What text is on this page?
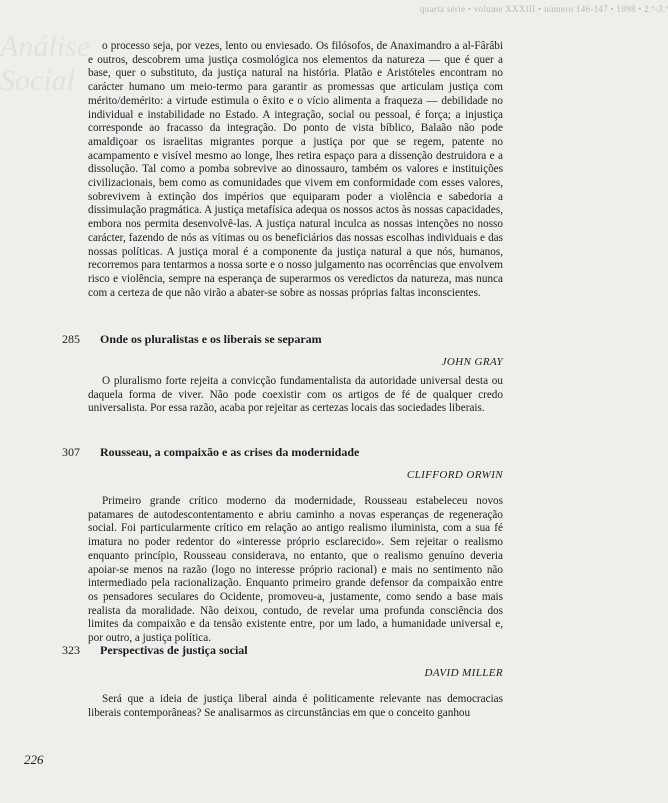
quarta série • volume XXXIII • número 146-147 • 1998 • 2.º-3.º
Análise Social

o processo seja, por vezes, lento ou enviesado. Os filósofos, de Anaximandro a al-Fârâbi e outros, descobrem uma justiça cosmológica nos elementos da natureza — que é quer a base, quer o substituto, da justiça natural na história. Platão e Aristóteles encontram no carácter humano um meio-termo para garantir as promessas que articulam justiça com mérito/demérito: a virtude estimula o êxito e o vício alimenta a fraqueza — debilidade no individual e instabilidade no Estado. A integração, social ou pessoal, é força; a injustiça corresponde ao fracasso da integração. Do ponto de vista bíblico, Balaão não pode amaldiçoar os israelitas migrantes porque a justiça por que se regem, patente no acampamento e visível mesmo ao longe, lhes retira espaço para a dissenção destruidora e a dissolução. Tal como a pomba sobrevive ao dinossauro, também os valores e instituições civilizacionais, bem como as comunidades que vivem em conformidade com esses valores, sobrevivem à extinção dos impérios que equiparam poder a violência e sabedoria a dissimulação pragmática. A justiça metafísica adequa os nossos actos às nossas capacidades, embora nos permita desenvolvê-las. A justiça natural inculca as nossas intenções no nosso carácter, fazendo de nós as vítimas ou os beneficiários das nossas escolhas individuais e das nossas políticas. A justiça moral é a componente da justiça natural a que nós, humanos, recorremos para tentarmos a nossa sorte e o nosso julgamento nas ocorrências que envolvem risco e violência, sempre na esperança de superarmos os veredictos da natureza, mas nunca com a certeza de que não virão a abater-se sobre as nossas próprias faltas inconscientes.

285	Onde os pluralistas e os liberais se separam
JOHN GRAY

O pluralismo forte rejeita a convicção fundamentalista da autoridade universal desta ou daquela forma de viver. Não pode coexistir com os artigos de fé de qualquer credo universalista. Por essa razão, acaba por rejeitar as certezas locais das sociedades liberais.

307	Rousseau, a compaixão e as crises da modernidade
CLIFFORD ORWIN

Primeiro grande crítico moderno da modernidade, Rousseau estabeleceu novos patamares de autodescontentamento e abriu caminho a novas esperanças de regeneração social. Foi particularmente crítico em relação ao antigo realismo iluminista, com a sua fé imatura no poder redentor do «interesse próprio esclarecido». Sem rejeitar o realismo enquanto princípio, Rousseau considerava, no entanto, que o realismo genuíno deveria apoiar-se menos na razão (logo no interesse próprio racional) e mais no sentimento não intermediado pela racionalização. Enquanto primeiro grande defensor da compaixão entre os pensadores seculares do Ocidente, promoveu-a, justamente, como sendo a base mais realista da moralidade. Não deixou, contudo, de revelar uma profunda consciência dos limites da compaixão e da tensão existente entre, por um lado, a humanidade universal e, por outro, a justiça política.

323	Perspectivas de justiça social
DAVID MILLER

Será que a ideia de justiça liberal ainda é politicamente relevante nas democracias liberais contemporâneas? Se analisarmos as circunstâncias em que o conceito ganhou

226
